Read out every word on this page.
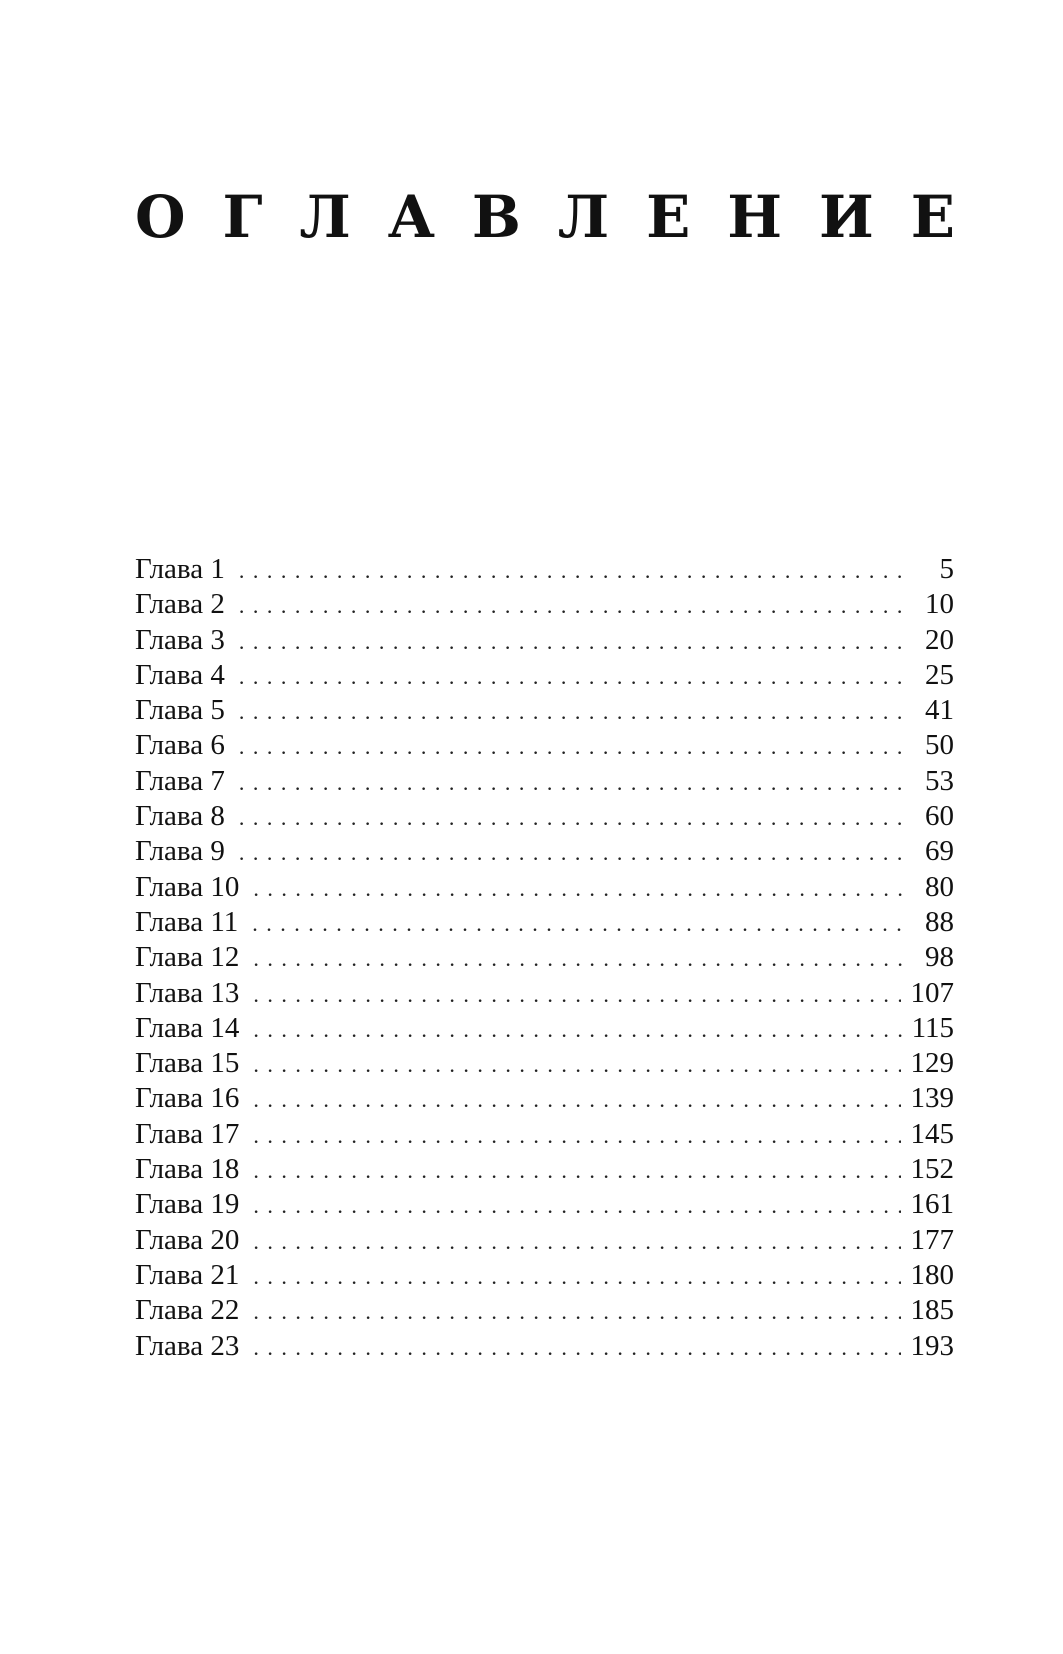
О Г Л А В Л Е Н И Е
Глава 1 . . .	5
Глава 2 . . .	10
Глава 3 . . .	20
Глава 4 . . .	25
Глава 5 . . .	41
Глава 6 . . .	50
Глава 7 . . .	53
Глава 8 . . .	60
Глава 9 . . .	69
Глава 10 . . .	80
Глава 11 . . .	88
Глава 12 . . .	98
Глава 13 . . .	107
Глава 14 . . .	115
Глава 15 . . .	129
Глава 16 . . .	139
Глава 17 . . .	145
Глава 18 . . .	152
Глава 19 . . .	161
Глава 20 . . .	177
Глава 21 . . .	180
Глава 22 . . .	185
Глава 23 . . .	193
